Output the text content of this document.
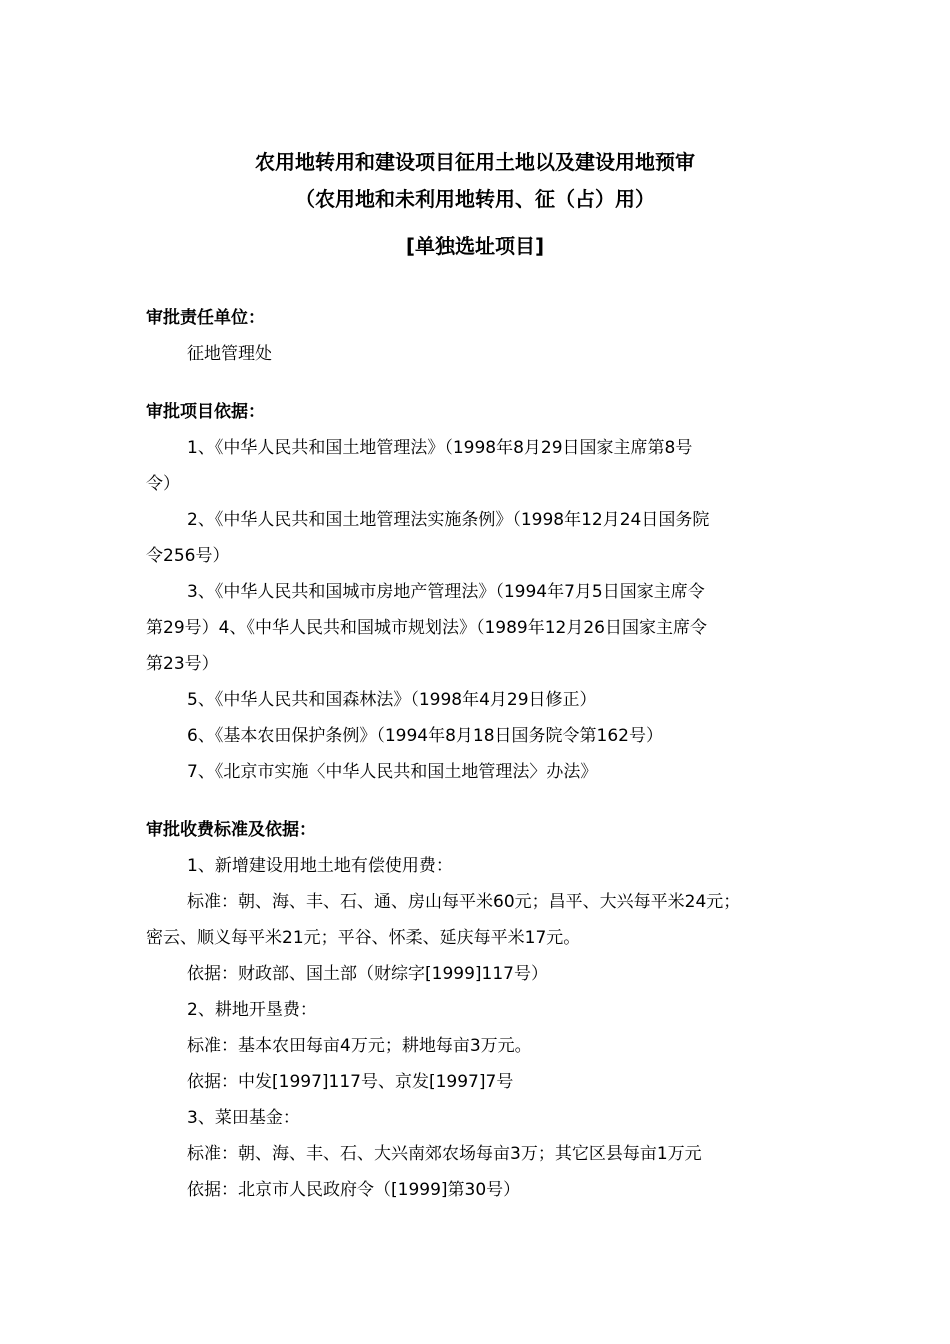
农用地转用和建设项目征用土地以及建设用地预审
（农用地和未利用地转用、征（占）用）
[单独选址项目]
审批责任单位：
征地管理处
审批项目依据：
1、《中华人民共和国土地管理法》（1998年8月29日国家主席第8号
令）
2、《中华人民共和国土地管理法实施条例》（1998年12月24日国务院
令256号）
3、《中华人民共和国城市房地产管理法》（1994年7月5日国家主席令
第29号）4、《中华人民共和国城市规划法》（1989年12月26日国家主席令
第23号）
5、《中华人民共和国森林法》（1998年4月29日修正）
6、《基本农田保护条例》（1994年8月18日国务院令第162号）
7、《北京市实施〈中华人民共和国土地管理法〉办法》
审批收费标准及依据：
1、新增建设用地土地有偿使用费：
标准：朝、海、丰、石、通、房山每平米60元；昌平、大兴每平米24元；
密云、顺义每平米21元；平谷、怀柔、延庆每平米17元。
依据：财政部、国土部（财综字[1999]117号）
2、耕地开垦费：
标准：基本农田每亩4万元；耕地每亩3万元。
依据：中发[1997]117号、京发[1997]7号
3、菜田基金：
标准：朝、海、丰、石、大兴南郊农场每亩3万；其它区县每亩1万元
依据：北京市人民政府令（[1999]第30号）
